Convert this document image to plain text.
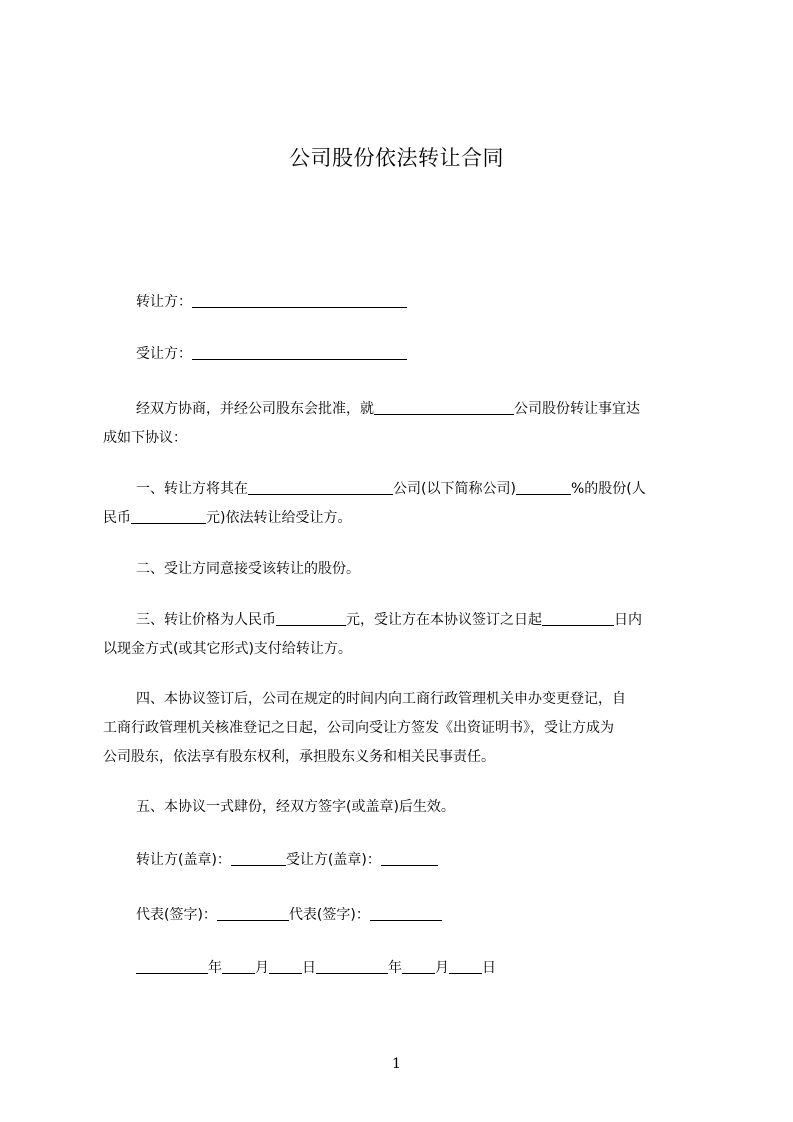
公司股份依法转让合同
转让方：
受让方：
经双方协商，并经公司股东会批准，就	公司股份转让事宜达
成如下协议：
一、转让方将其在	公司(以下简称公司)	%的股份(人
民币	元)依法转让给受让方。
二、受让方同意接受该转让的股份。
三、转让价格为人民币	元，受让方在本协议签订之日起	日内
以现金方式(或其它形式)支付给转让方。
四、本协议签订后，公司在规定的时间内向工商行政管理机关申办变更登记，自
工商行政管理机关核准登记之日起，公司向受让方签发《出资证明书》，受让方成为
公司股东，依法享有股东权利，承担股东义务和相关民事责任。
五、本协议一式肆份，经双方签字(或盖章)后生效。
转让方(盖章)：	受让方(盖章)：
代表(签字)：	代表(签字)：
年 月 日	年 月 日
1
